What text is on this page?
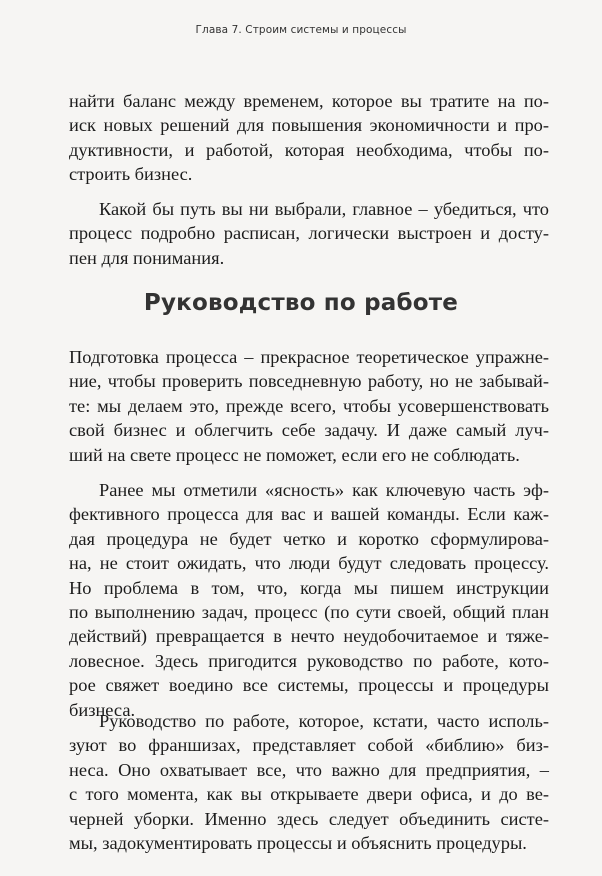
Глава 7. Строим системы и процессы
найти баланс между временем, которое вы тратите на по-
иск новых решений для повышения экономичности и про-
дуктивности, и работой, которая необходима, чтобы по-
строить бизнес.
Какой бы путь вы ни выбрали, главное – убедиться, что
процесс подробно расписан, логически выстроен и досту-
пен для понимания.
Руководство по работе
Подготовка процесса – прекрасное теоретическое упражне-
ние, чтобы проверить повседневную работу, но не забывай-
те: мы делаем это, прежде всего, чтобы усовершенствовать
свой бизнес и облегчить себе задачу. И даже самый луч-
ший на свете процесс не поможет, если его не соблюдать.
Ранее мы отметили «ясность» как ключевую часть эф-
фективного процесса для вас и вашей команды. Если каж-
дая процедура не будет четко и коротко сформулирова-
на, не стоит ожидать, что люди будут следовать процессу.
Но проблема в том, что, когда мы пишем инструкции
по выполнению задач, процесс (по сути своей, общий план
действий) превращается в нечто неудобочитаемое и тяже-
ловесное. Здесь пригодится руководство по работе, кото-
рое свяжет воедино все системы, процессы и процедуры
бизнеса.
Руководство по работе, которое, кстати, часто исполь-
зуют во франшизах, представляет собой «библию» биз-
неса. Оно охватывает все, что важно для предприятия, –
с того момента, как вы открываете двери офиса, и до ве-
черней уборки. Именно здесь следует объединить систе-
мы, задокументировать процессы и объяснить процедуры.
